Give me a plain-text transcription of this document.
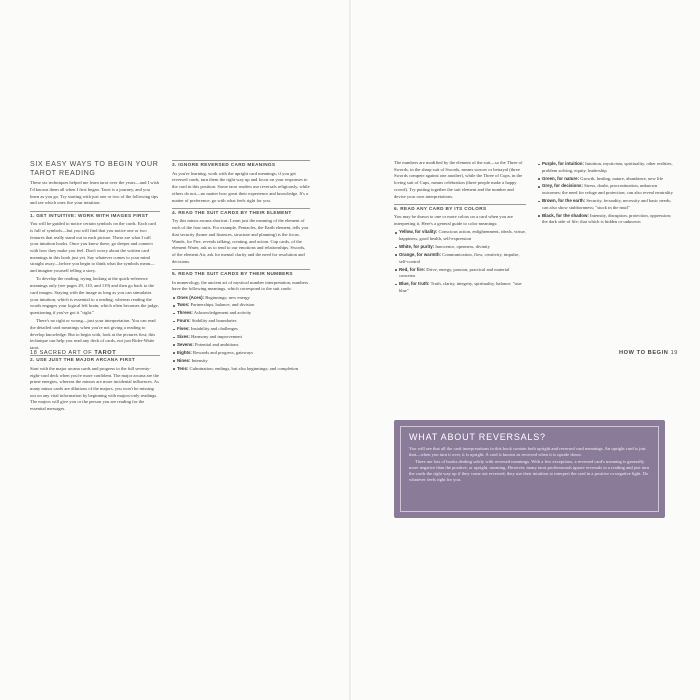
SIX EASY WAYS TO BEGIN YOUR TAROT READING

These six techniques helped me learn tarot over the years—and I wish I'd known them all when I first began. Tarot is a journey, and you learn as you go. Try starting with just one or two of the following tips and see which ones fire your intuition.

1. GET INTUITIVE: WORK WITH IMAGES FIRST

You will be guided to notice certain symbols on the cards. Each card is full of symbols—but you will find that you notice one or two features that really stand out in each picture. These are what I call your intuition hooks. Once you know these, go deeper and connect with how they make you feel. Don't worry about the written card meanings in this book just yet. Say whatever comes to your mind straight away—before you begin to think what the symbols mean—and imagine yourself telling a story.

To develop the reading, trying looking at the quick-reference meanings only (see pages 29, 110, and 119) and then go back to the card images. Staying with the image as long as you can stimulates your intuition, which is essential to a reading, whereas reading the words engages your logical left brain, which often becomes the judge, questioning if you've got it "right."

There's no right or wrong—just your interpretation. You can read the detailed card meanings when you're not giving a reading to develop knowledge. But to begin with, look at the pictures first; this technique can help you read any deck of cards, not just Rider-Waite tarot.

2. USE JUST THE MAJOR ARCANA FIRST

Start with the major arcana cards and progress to the full seventy-eight-card deck when you're more confident. The major arcana are the prime energies, whereas the minors are more incidental influences. As many minor cards are dilutions of the majors, you won't be missing out on any vital information by beginning with majors-only readings. The majors will give you or the person you are reading for the essential messages.

3. IGNORE REVERSED CARD MEANINGS

As you're learning, work with the upright card meanings; if you get reversed cards, turn them the right way up and focus on your responses to the card in this position. Some tarot readers use reversals religiously, while others do not—no matter how great their experience and knowledge. It's a matter of preference; go with what feels right for you.

4. READ THE SUIT CARDS BY THEIR ELEMENT

Try this minor arcana shortcut: Learn just the meaning of the element of each of the four suits. For example, Pentacles, the Earth element, tells you that security (home and finances, structure and planning) is the focus. Wands, for Fire, reveals talking, creating, and action. Cup cards, of the element Water, ask us to tend to our emotions and relationships. Swords, of the element Air, ask for mental clarity and the need for resolution and decisions.

5. READ THE SUIT CARDS BY THEIR NUMBERS

In numerology, the ancient art of mystical number interpretation, numbers have the following meanings, which correspond to the suit cards:

Ones (Aces): Beginnings; new energy
Twos: Partnerships, balance, and division
Threes: Acknowledgement and activity
Fours: Stability and boundaries
Fives: Instability and challenges
Sixes: Harmony and improvement
Sevens: Potential and ambitions
Eights: Rewards and progress, gateways
Nines: Intensity
Tens: Culmination; endings, but also beginnings; and completion
18 SACRED ART OF TAROT

The numbers are modified by the element of the suit—so the Three of Swords, in the sharp suit of Swords, means sorrow or betrayal (three Swords compete against one another), while the Three of Cups, in the loving suit of Cups, means celebration (three people make a happy crowd). Try putting together the suit element and the number and devise your own interpretations.

6. READ ANY CARD BY ITS COLORS

You may be drawn to one or more colors on a card when you are interpreting it. Here's a general guide to color meanings:

Yellow, for vitality: Conscious action, enlightenment, ideals, virtue, happiness, good health, self-expression
White, for purity: Innocence, openness, divinity
Orange, for warmth: Communication, flow, creativity, impulse, self-control
Red, for fire: Drive, energy, passion, practical and material concerns
Blue, for truth: Truth, clarity, integrity, spirituality, balance; "true blue"
Purple, for intuition: Intuition, mysticism, spirituality, other realities, problem solving, equity, leadership
Green, for nature: Growth, healing, nature, abundance, new life
Grey, for decisions: Stress, doubt, procrastination, unknown outcomes; the need for refuge and protection; can also reveal neutrality
Brown, for the earth: Security, fecundity, necessity and basic needs; can also show stubbornness; "stuck in the mud"
Black, for the shadow: Intensity, disruption, protection, oppression; the dark side of life; that which is hidden or unknown
HOW TO BEGIN 19
WHAT ABOUT REVERSALS?

You will see that all the card interpretations in this book contain both upright and reversed card meanings. An upright card is just that—when you turn it over, it is upright. A card is known as reversed when it is upside down.

There are lots of books dealing solely with reversed meanings. With a few exceptions, a reversed card's meaning is generally more negative than the positive, or upright, meaning. However, many tarot professionals ignore reversals in a reading and just turn the cards the right way up if they come out reversed; they use their intuition to interpret the card in a positive or negative light. Do whatever feels right for you.
